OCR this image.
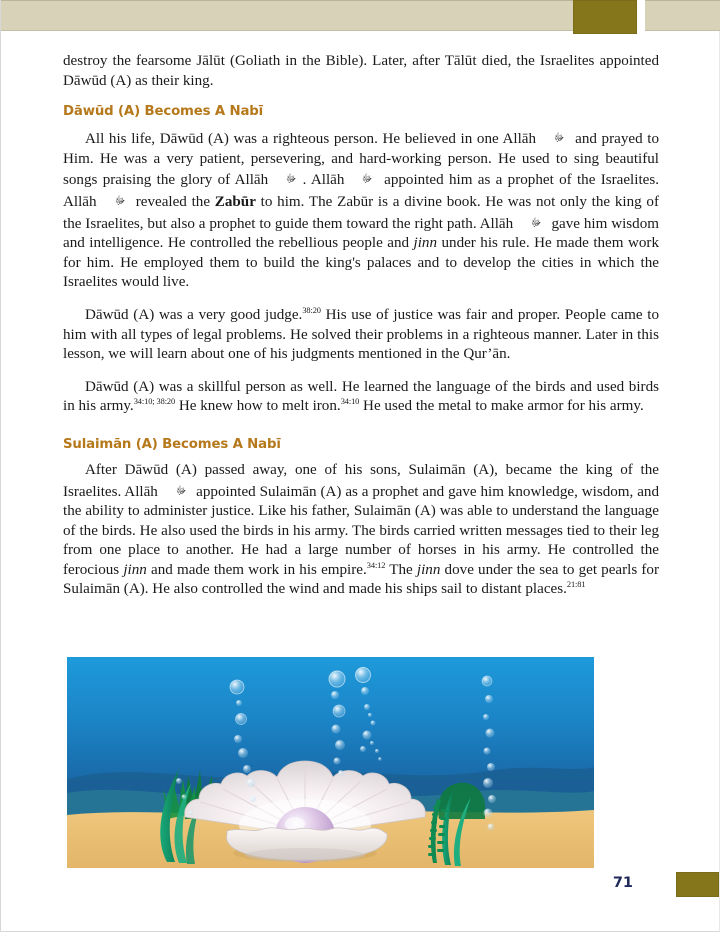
destroy the fearsome Jālūt (Goliath in the Bible). Later, after Tālūt died, the Israelites appointed Dāwūd (A) as their king.

Dāwūd (A) Becomes A Nabī

All his life, Dāwūd (A) was a righteous person. He believed in one Allāh ﷻ and prayed to Him. He was a very patient, persevering, and hard-working person. He used to sing beautiful songs praising the glory of Allāh ﷻ . Allāh ﷻ appointed him as a prophet of the Israelites. Allāh ﷻ revealed the Zabūr to him. The Zabūr is a divine book. He was not only the king of the Israelites, but also a prophet to guide them toward the right path. Allāh ﷻ gave him wisdom and intelligence. He controlled the rebellious people and jinn under his rule. He made them work for him. He employed them to build the king's palaces and to develop the cities in which the Israelites would live.

Dāwūd (A) was a very good judge.$^{38:20}$ His use of justice was fair and proper. People came to him with all types of legal problems. He solved their problems in a righteous manner. Later in this lesson, we will learn about one of his judgments mentioned in the Qur’ān.

Dāwūd (A) was a skillful person as well. He learned the language of the birds and used birds in his army.$^{34:10; 38:20}$ He knew how to melt iron.$^{34:10}$ He used the metal to make armor for his army.

Sulaimān (A) Becomes A Nabī

After Dāwūd (A) passed away, one of his sons, Sulaimān (A), became the king of the Israelites. Allāh ﷻ appointed Sulaimān (A) as a prophet and gave him knowledge, wisdom, and the ability to administer justice. Like his father, Sulaimān (A) was able to understand the language of the birds. He also used the birds in his army. The birds carried written messages tied to their leg from one place to another. He had a large number of horses in his army. He controlled the ferocious jinn and made them work in his empire.$^{34:12}$ The jinn dove under the sea to get pearls for Sulaimān (A). He also controlled the wind and made his ships sail to distant places.$^{21:81}$

71
